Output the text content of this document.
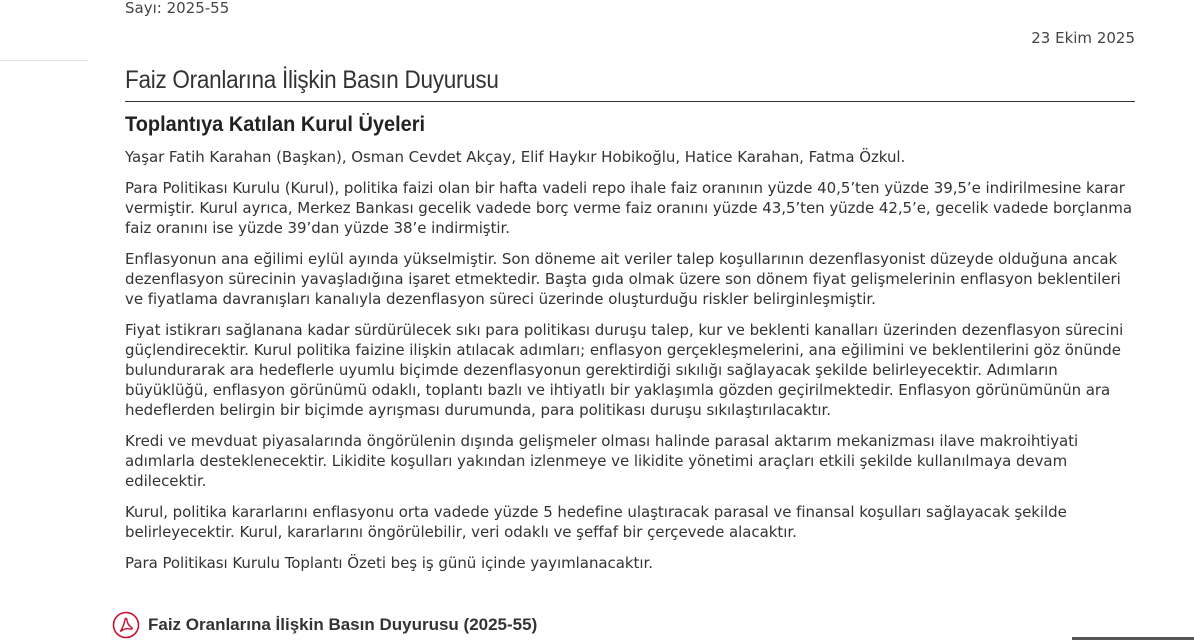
Sayı: 2025-55
23 Ekim 2025
Faiz Oranlarına İlişkin Basın Duyurusu
Toplantıya Katılan Kurul Üyeleri

Yaşar Fatih Karahan (Başkan), Osman Cevdet Akçay, Elif Haykır Hobikoğlu, Hatice Karahan, Fatma Özkul.

Para Politikası Kurulu (Kurul), politika faizi olan bir hafta vadeli repo ihale faiz oranının yüzde 40,5’ten yüzde 39,5’e indirilmesine karar vermiştir. Kurul ayrıca, Merkez Bankası gecelik vadede borç verme faiz oranını yüzde 43,5’ten yüzde 42,5’e, gecelik vadede borçlanma faiz oranını ise yüzde 39’dan yüzde 38’e indirmiştir.

Enflasyonun ana eğilimi eylül ayında yükselmiştir. Son döneme ait veriler talep koşullarının dezenflasyonist düzeyde olduğuna ancak dezenflasyon sürecinin yavaşladığına işaret etmektedir. Başta gıda olmak üzere son dönem fiyat gelişmelerinin enflasyon beklentileri ve fiyatlama davranışları kanalıyla dezenflasyon süreci üzerinde oluşturduğu riskler belirginleşmiştir.

Fiyat istikrarı sağlanana kadar sürdürülecek sıkı para politikası duruşu talep, kur ve beklenti kanalları üzerinden dezenflasyon sürecini güçlendirecektir. Kurul politika faizine ilişkin atılacak adımları; enflasyon gerçekleşmelerini, ana eğilimini ve beklentilerini göz önünde bulundurarak ara hedeflerle uyumlu biçimde dezenflasyonun gerektirdiği sıkılığı sağlayacak şekilde belirleyecektir. Adımların büyüklüğü, enflasyon görünümü odaklı, toplantı bazlı ve ihtiyatlı bir yaklaşımla gözden geçirilmektedir. Enflasyon görünümünün ara hedeflerden belirgin bir biçimde ayrışması durumunda, para politikası duruşu sıkılaştırılacaktır.

Kredi ve mevduat piyasalarında öngörülenin dışında gelişmeler olması halinde parasal aktarım mekanizması ilave makroihtiyati adımlarla desteklenecektir. Likidite koşulları yakından izlenmeye ve likidite yönetimi araçları etkili şekilde kullanılmaya devam edilecektir.

Kurul, politika kararlarını enflasyonu orta vadede yüzde 5 hedefine ulaştıracak parasal ve finansal koşulları sağlayacak şekilde belirleyecektir. Kurul, kararlarını öngörülebilir, veri odaklı ve şeffaf bir çerçevede alacaktır.

Para Politikası Kurulu Toplantı Özeti beş iş günü içinde yayımlanacaktır.

Faiz Oranlarına İlişkin Basın Duyurusu (2025-55)
